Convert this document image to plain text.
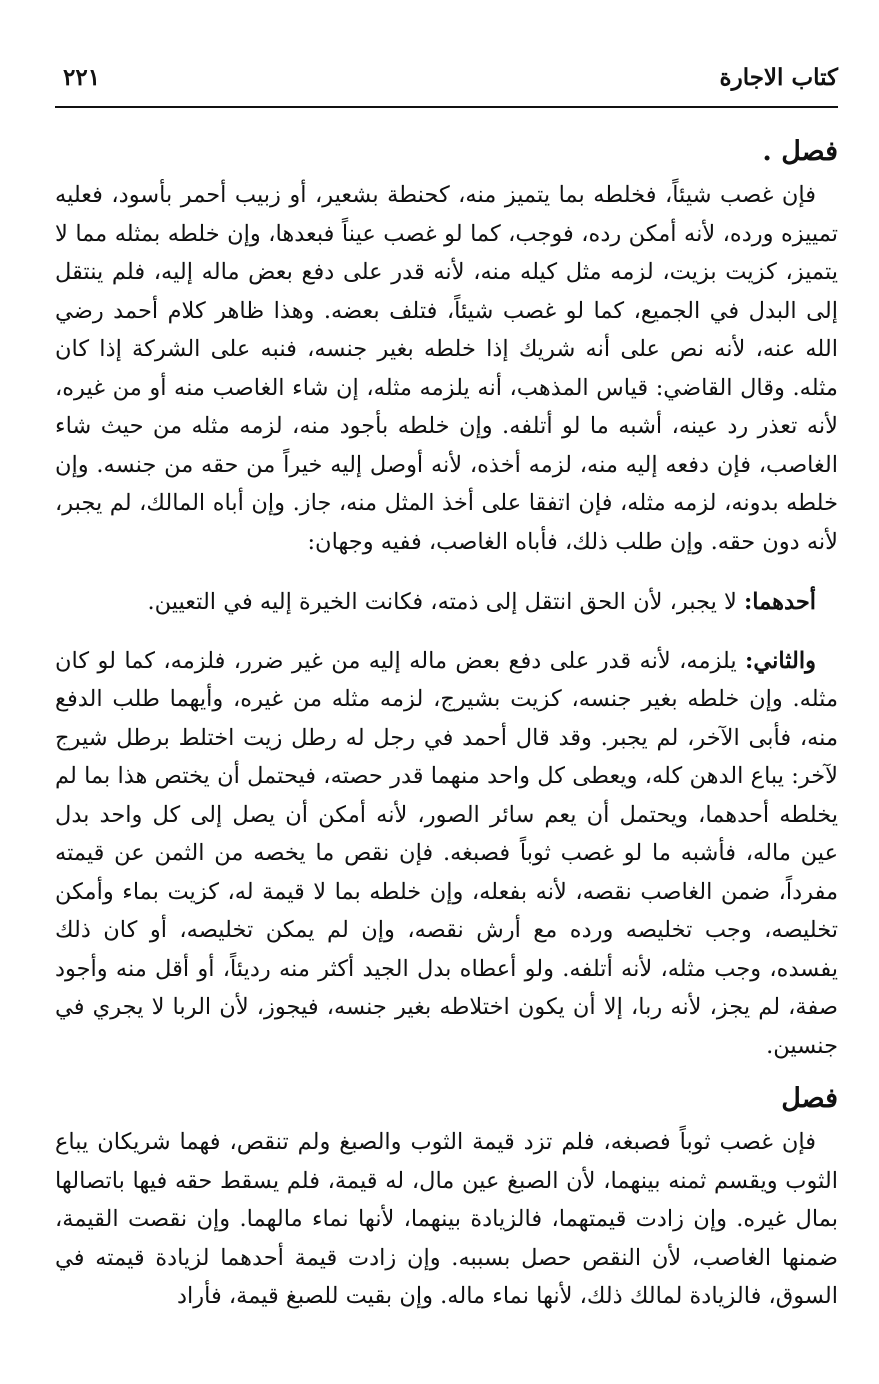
كتاب الاجارة
٢٢١
فصل .

فإن غصب شيئاً، فخلطه بما يتميز منه، كحنطة بشعير، أو زبيب أحمر بأسود، فعليه تمييزه ورده، لأنه أمكن رده، فوجب، كما لو غصب عيناً فبعدها، وإن خلطه بمثله مما لا يتميز، كزيت بزيت، لزمه مثل كيله منه، لأنه قدر على دفع بعض ماله إليه، فلم ينتقل إلى البدل في الجميع، كما لو غصب شيئاً، فتلف بعضه. وهذا ظاهر كلام أحمد رضي الله عنه، لأنه نص على أنه شريك إذا خلطه بغير جنسه، فنبه على الشركة إذا كان مثله. وقال القاضي: قياس المذهب، أنه يلزمه مثله، إن شاء الغاصب منه أو من غيره، لأنه تعذر رد عينه، أشبه ما لو أتلفه. وإن خلطه بأجود منه، لزمه مثله من حيث شاء الغاصب، فإن دفعه إليه منه، لزمه أخذه، لأنه أوصل إليه خيراً من حقه من جنسه. وإن خلطه بدونه، لزمه مثله، فإن اتفقا على أخذ المثل منه، جاز. وإن أباه المالك، لم يجبر، لأنه دون حقه. وإن طلب ذلك، فأباه الغاصب، ففيه وجهان:

أحدهما: لا يجبر، لأن الحق انتقل إلى ذمته، فكانت الخيرة إليه في التعيين.

والثاني: يلزمه، لأنه قدر على دفع بعض ماله إليه من غير ضرر، فلزمه، كما لو كان مثله. وإن خلطه بغير جنسه، كزيت بشيرج، لزمه مثله من غيره، وأيهما طلب الدفع منه، فأبى الآخر، لم يجبر. وقد قال أحمد في رجل له رطل زيت اختلط برطل شيرج لآخر: يباع الدهن كله، ويعطى كل واحد منهما قدر حصته، فيحتمل أن يختص هذا بما لم يخلطه أحدهما، ويحتمل أن يعم سائر الصور، لأنه أمكن أن يصل إلى كل واحد بدل عين ماله، فأشبه ما لو غصب ثوباً فصبغه. فإن نقص ما يخصه من الثمن عن قيمته مفرداً، ضمن الغاصب نقصه، لأنه بفعله، وإن خلطه بما لا قيمة له، كزيت بماء وأمكن تخليصه، وجب تخليصه ورده مع أرش نقصه، وإن لم يمكن تخليصه، أو كان ذلك يفسده، وجب مثله، لأنه أتلفه. ولو أعطاه بدل الجيد أكثر منه رديئاً، أو أقل منه وأجود صفة، لم يجز، لأنه ربا، إلا أن يكون اختلاطه بغير جنسه، فيجوز، لأن الربا لا يجري في جنسين.

فصل

فإن غصب ثوباً فصبغه، فلم تزد قيمة الثوب والصبغ ولم تنقص، فهما شريكان يباع الثوب ويقسم ثمنه بينهما، لأن الصبغ عين مال، له قيمة، فلم يسقط حقه فيها باتصالها بمال غيره. وإن زادت قيمتهما، فالزيادة بينهما، لأنها نماء مالهما. وإن نقصت القيمة، ضمنها الغاصب، لأن النقص حصل بسببه. وإن زادت قيمة أحدهما لزيادة قيمته في السوق، فالزيادة لمالك ذلك، لأنها نماء ماله. وإن بقيت للصبغ قيمة، فأراد
